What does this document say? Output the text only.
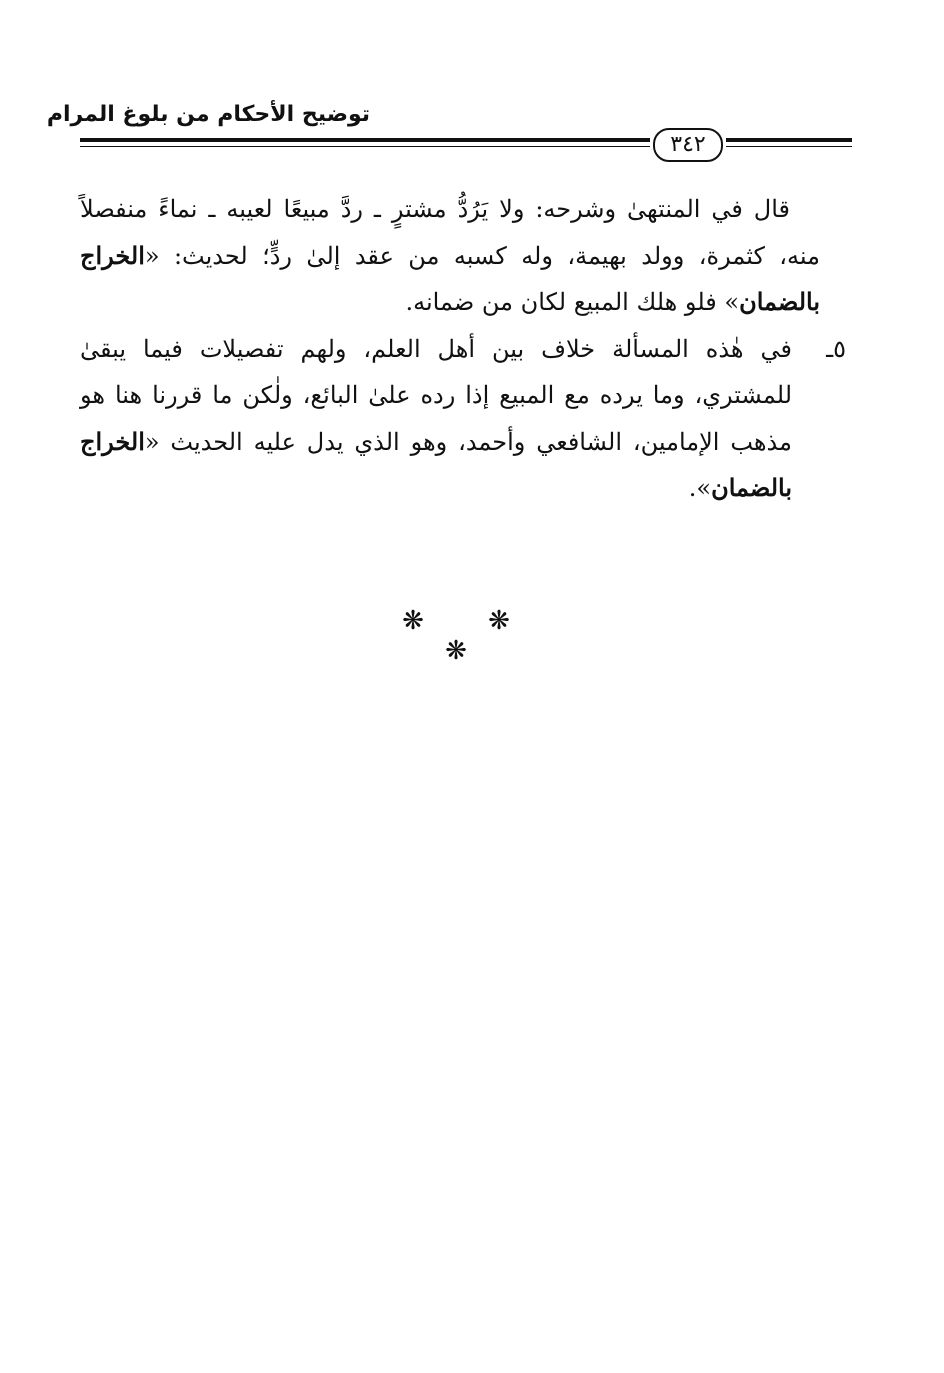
توضيح الأحكام من بلوغ المرام
٣٤٢

قال في المنتهىٰ وشرحه: ولا يَرُدُّ مشترٍ ـ ردَّ مبيعًا لعيبه ـ نماءً منفصلاً منه، كثمرة، وولد بهيمة، وله كسبه من عقد إلىٰ ردٍّ؛ لحديث: «الخراج بالضمان» فلو هلك المبيع لكان من ضمانه.

٥ـ
في هٰذه المسألة خلاف بين أهل العلم، ولهم تفصيلات فيما يبقىٰ للمشتري، وما يرده مع المبيع إذا رده علىٰ البائع، ولٰكن ما قررنا هنا هو مذهب الإمامين، الشافعي وأحمد، وهو الذي يدل عليه الحديث «الخراج بالضمان».

❋ ❋ ❋
